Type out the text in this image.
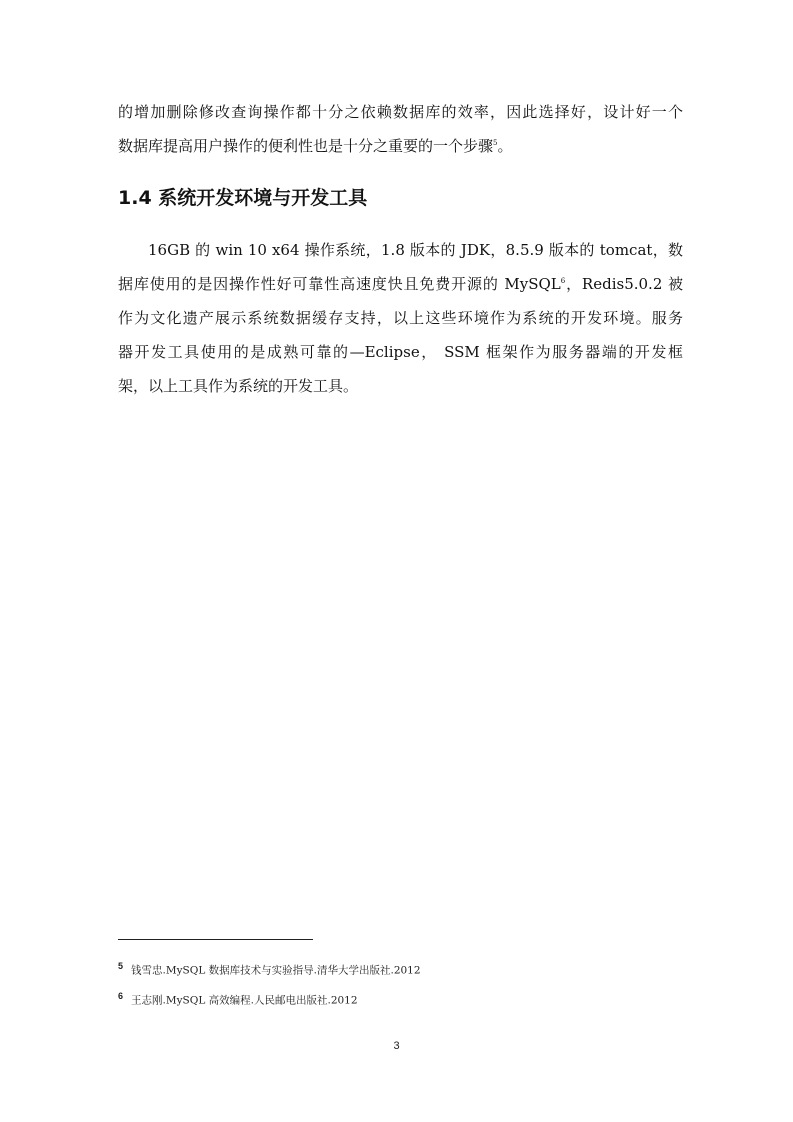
的增加删除修改查询操作都十分之依赖数据库的效率，因此选择好，设计好一个
数据库提高用户操作的便利性也是十分之重要的一个步骤$^5$。
1.4 系统开发环境与开发工具
16GB 的 win 10 x64 操作系统，1.8 版本的 JDK，8.5.9 版本的 tomcat，数
据库使用的是因操作性好可靠性高速度快且免费开源的 MySQL$^6$，Redis5.0.2 被
作为文化遗产展示系统数据缓存支持，以上这些环境作为系统的开发环境。服务
器开发工具使用的是成熟可靠的—Eclipse， SSM 框架作为服务器端的开发框
架，以上工具作为系统的开发工具。
5 钱雪忠.MySQL 数据库技术与实验指导.清华大学出版社.2012
6 王志刚.MySQL 高效编程.人民邮电出版社.2012
3
